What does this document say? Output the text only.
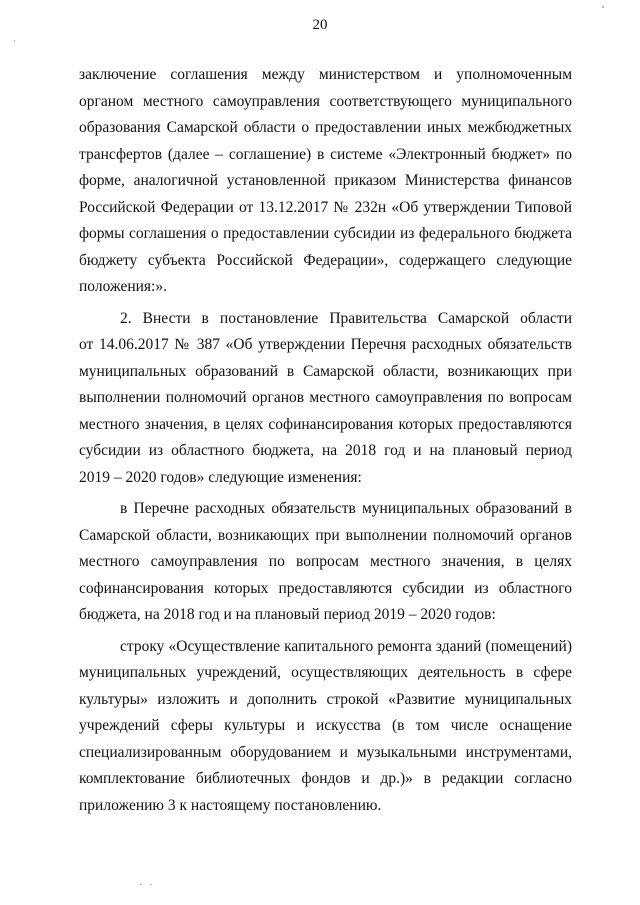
20
заключение соглашения между министерством и уполномоченным
органом местного самоуправления соответствующего муниципального
образования Самарской области о предоставлении иных межбюджетных
трансфертов (далее – соглашение) в системе «Электронный бюджет» по
форме, аналогичной установленной приказом Министерства финансов
Российской Федерации от 13.12.2017 № 232н «Об утверждении Типовой
формы соглашения о предоставлении субсидии из федерального бюджета
бюджету субъекта Российской Федерации», содержащего следующие
положения:».
2. Внести в постановление Правительства Самарской области
от 14.06.2017 № 387 «Об утверждении Перечня расходных обязательств
муниципальных образований в Самарской области, возникающих при
выполнении полномочий органов местного самоуправления по вопросам
местного значения, в целях софинансирования которых предоставляются
субсидии из областного бюджета, на 2018 год и на плановый период
2019 – 2020 годов» следующие изменения:
в Перечне расходных обязательств муниципальных образований в
Самарской области, возникающих при выполнении полномочий органов
местного самоуправления по вопросам местного значения, в целях
софинансирования которых предоставляются субсидии из областного
бюджета, на 2018 год и на плановый период 2019 – 2020 годов:
строку «Осуществление капитального ремонта зданий (помещений)
муниципальных учреждений, осуществляющих деятельность в сфере
культуры» изложить и дополнить строкой «Развитие муниципальных
учреждений сферы культуры и искусства (в том числе оснащение
специализированным оборудованием и музыкальными инструментами,
комплектование библиотечных фондов и др.)» в редакции согласно
приложению 3 к настоящему постановлению.
